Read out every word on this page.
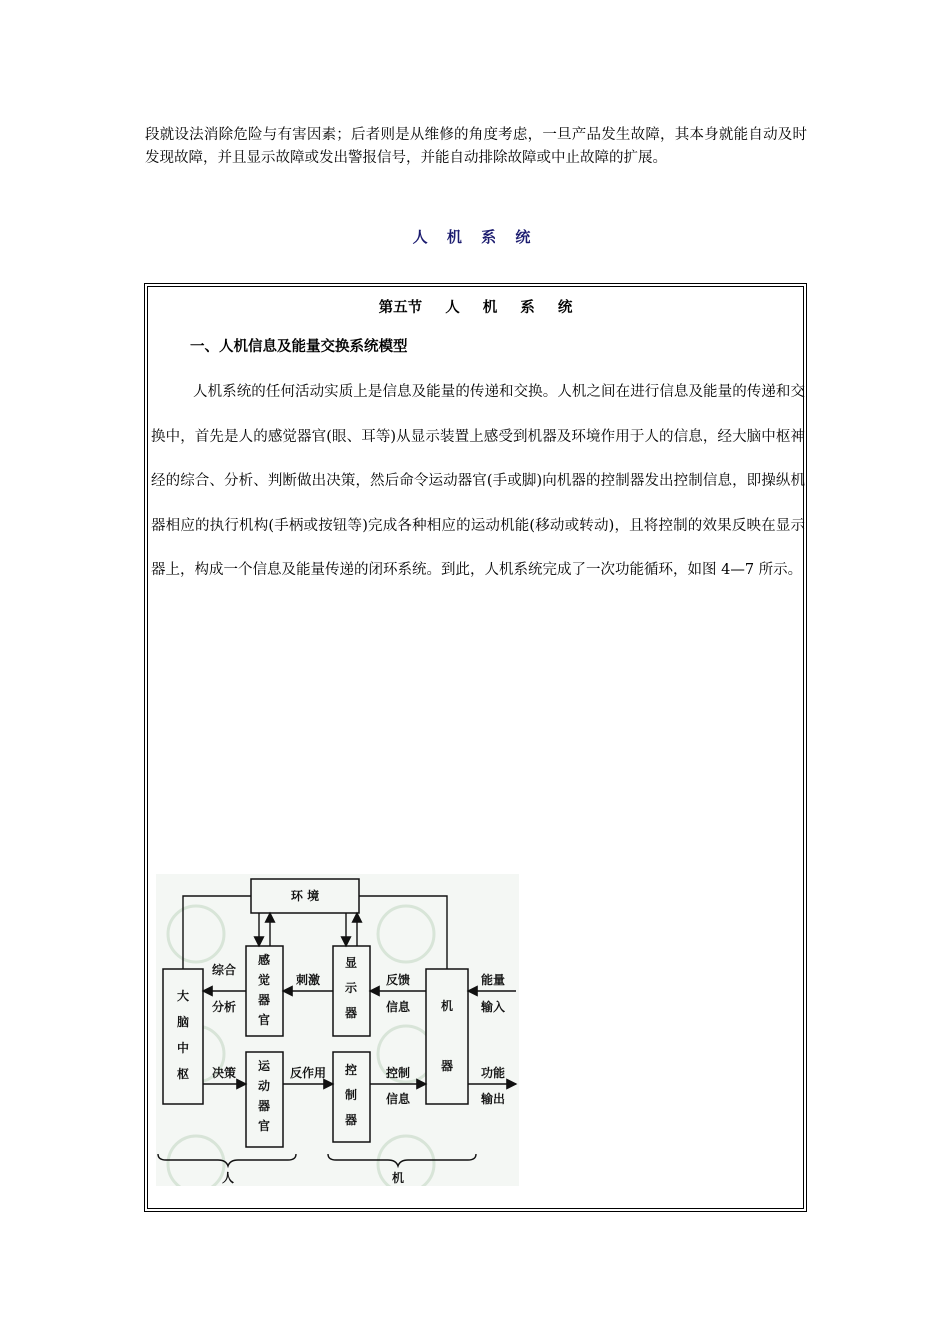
段就设法消除危险与有害因素；后者则是从维修的角度考虑，一旦产品发生故障，其本身就能自动及时发现故障，并且显示故障或发出警报信号，并能自动排除故障或中止故障的扩展。

人 机 系 统
第五节 人 机 系 统
一、人机信息及能量交换系统模型

人机系统的任何活动实质上是信息及能量的传递和交换。人机之间在进行信息及能量的传递和交换中，首先是人的感觉器官(眼、耳等)从显示装置上感受到机器及环境作用于人的信息，经大脑中枢神经的综合、分析、判断做出决策，然后命令运动器官(手或脚)向机器的控制器发出控制信息，即操纵机器相应的执行机构(手柄或按钮等)完成各种相应的运动机能(移动或转动)，且将控制的效果反映在显示器上，构成一个信息及能量传递的闭环系统。到此，人机系统完成了一次功能循环，如图 4—7 所示。

环 境
大
脑
中
枢
感
觉
器
官
显
示
器	机
器
运
动
器
官
控
制
器
综合
分析
刺激	反馈
信息
能量
输入
决策	反作用	控制
信息
功能
输出
人	机
